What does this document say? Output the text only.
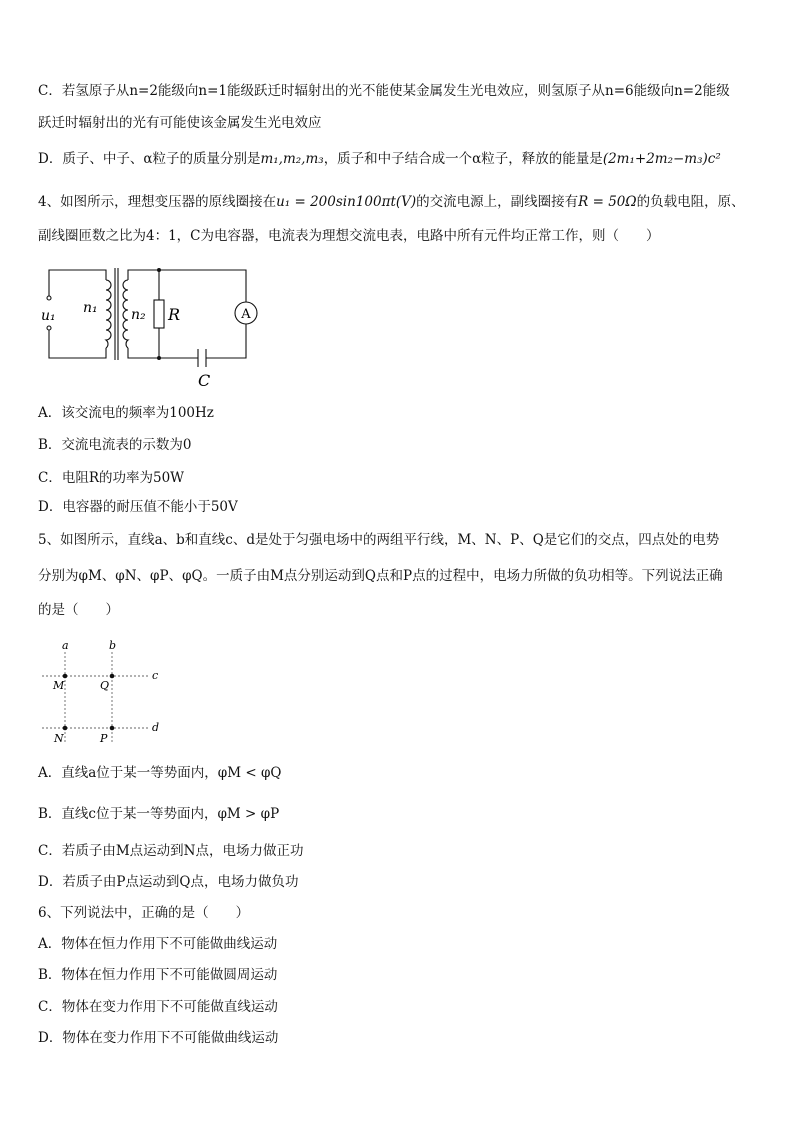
C．若氢原子从n=2能级向n=1能级跃迁时辐射出的光不能使某金属发生光电效应，则氢原子从n=6能级向n=2能级
跃迁时辐射出的光有可能使该金属发生光电效应
D．质子、中子、α粒子的质量分别是m₁,m₂,m₃，质子和中子结合成一个α粒子，释放的能量是(2m₁+2m₂−m₃)c²
4、如图所示，理想变压器的原线圈接在u₁ = 200sin100πt(V)的交流电源上，副线圈接有R = 50Ω的负载电阻，原、
副线圈匝数之比为4：1，C为电容器，电流表为理想交流电表，电路中所有元件均正常工作，则（　　）
u₁ n₁ n₂ R	A
C
A．该交流电的频率为100Hz
B．交流电流表的示数为0
C．电阻R的功率为50W
D．电容器的耐压值不能小于50V
5、如图所示，直线a、b和直线c、d是处于匀强电场中的两组平行线，M、N、P、Q是它们的交点，四点处的电势
分别为φM、φN、φP、φQ。一质子由M点分别运动到Q点和P点的过程中，电场力所做的负功相等。下列说法正确
的是（　　）
a	b
c
d
M	Q
N	P
A．直线a位于某一等势面内，φM < φQ
B．直线c位于某一等势面内，φM > φP
C．若质子由M点运动到N点，电场力做正功
D．若质子由P点运动到Q点，电场力做负功
6、下列说法中，正确的是（　　）
A．物体在恒力作用下不可能做曲线运动
B．物体在恒力作用下不可能做圆周运动
C．物体在变力作用下不可能做直线运动
D．物体在变力作用下不可能做曲线运动
